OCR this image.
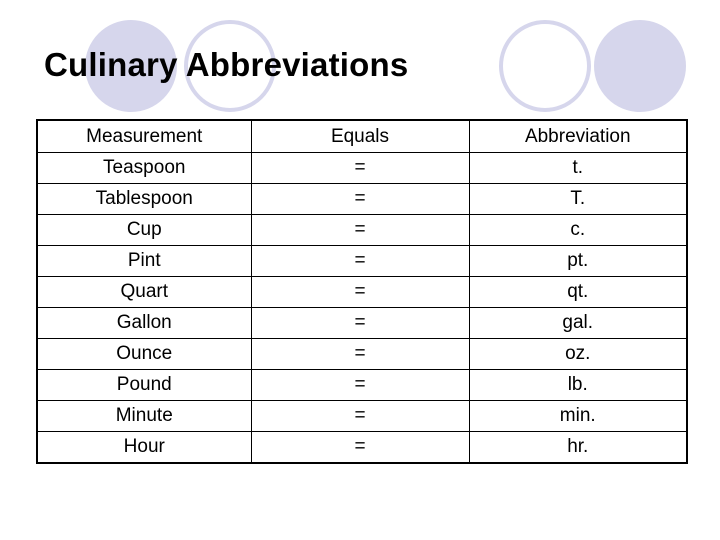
Culinary Abbreviations
Measurement	Equals	Abbreviation
Teaspoon	=	t.
Tablespoon	=	T.
Cup	=	c.
Pint	=	pt.
Quart	=	qt.
Gallon	=	gal.
Ounce	=	oz.
Pound	=	lb.
Minute	=	min.
Hour	=	hr.
